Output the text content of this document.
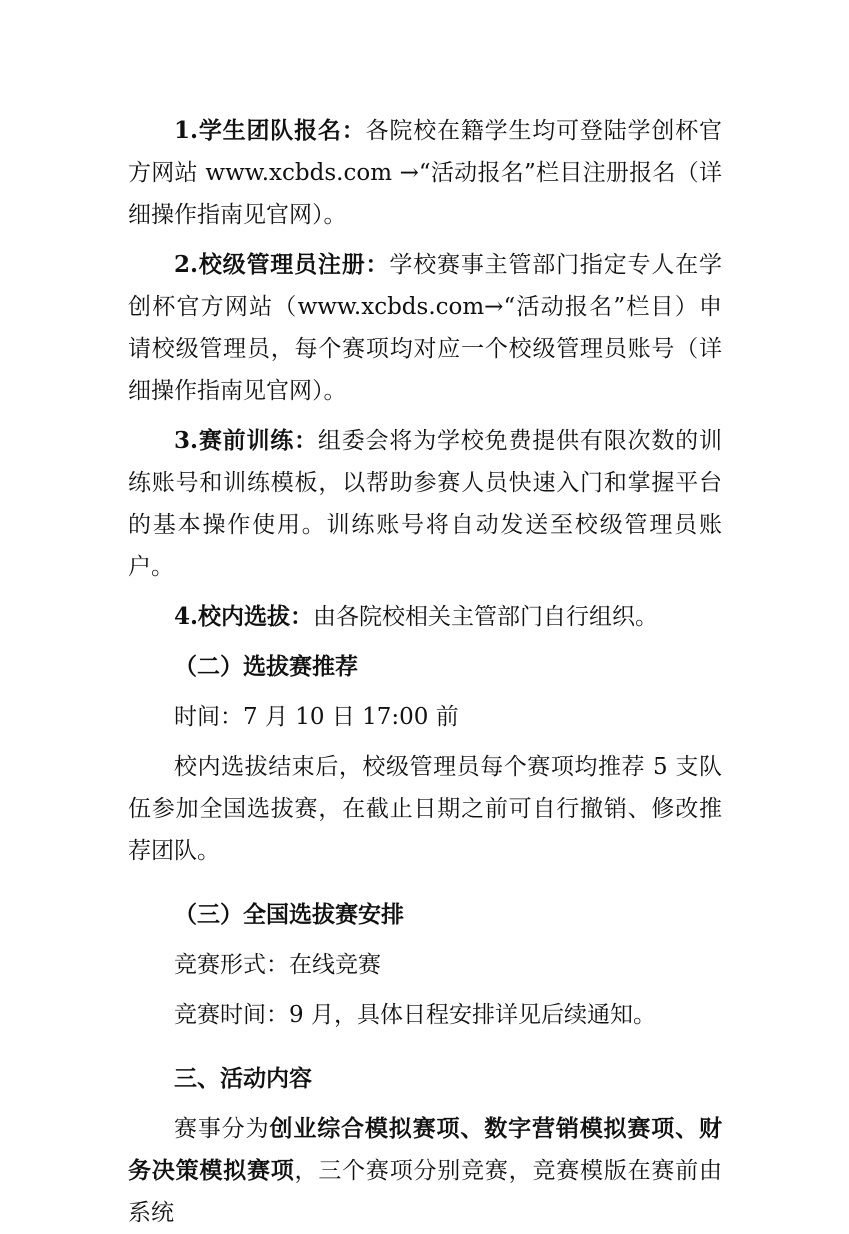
1.学生团队报名：各院校在籍学生均可登陆学创杯官方网站 www.xcbds.com →“活动报名”栏目注册报名（详细操作指南见官网）。

2.校级管理员注册：学校赛事主管部门指定专人在学创杯官方网站（www.xcbds.com→“活动报名”栏目）申请校级管理员，每个赛项均对应一个校级管理员账号（详细操作指南见官网）。

3.赛前训练：组委会将为学校免费提供有限次数的训练账号和训练模板，以帮助参赛人员快速入门和掌握平台的基本操作使用。训练账号将自动发送至校级管理员账户。

4.校内选拔：由各院校相关主管部门自行组织。

（二）选拔赛推荐

时间：7 月 10 日 17:00 前

校内选拔结束后，校级管理员每个赛项均推荐 5 支队伍参加全国选拔赛，在截止日期之前可自行撤销、修改推荐团队。

（三）全国选拔赛安排

竞赛形式：在线竞赛

竞赛时间：9 月，具体日程安排详见后续通知。

三、活动内容

赛事分为创业综合模拟赛项、数字营销模拟赛项、财务决策模拟赛项，三个赛项分别竞赛，竞赛模版在赛前由系统
